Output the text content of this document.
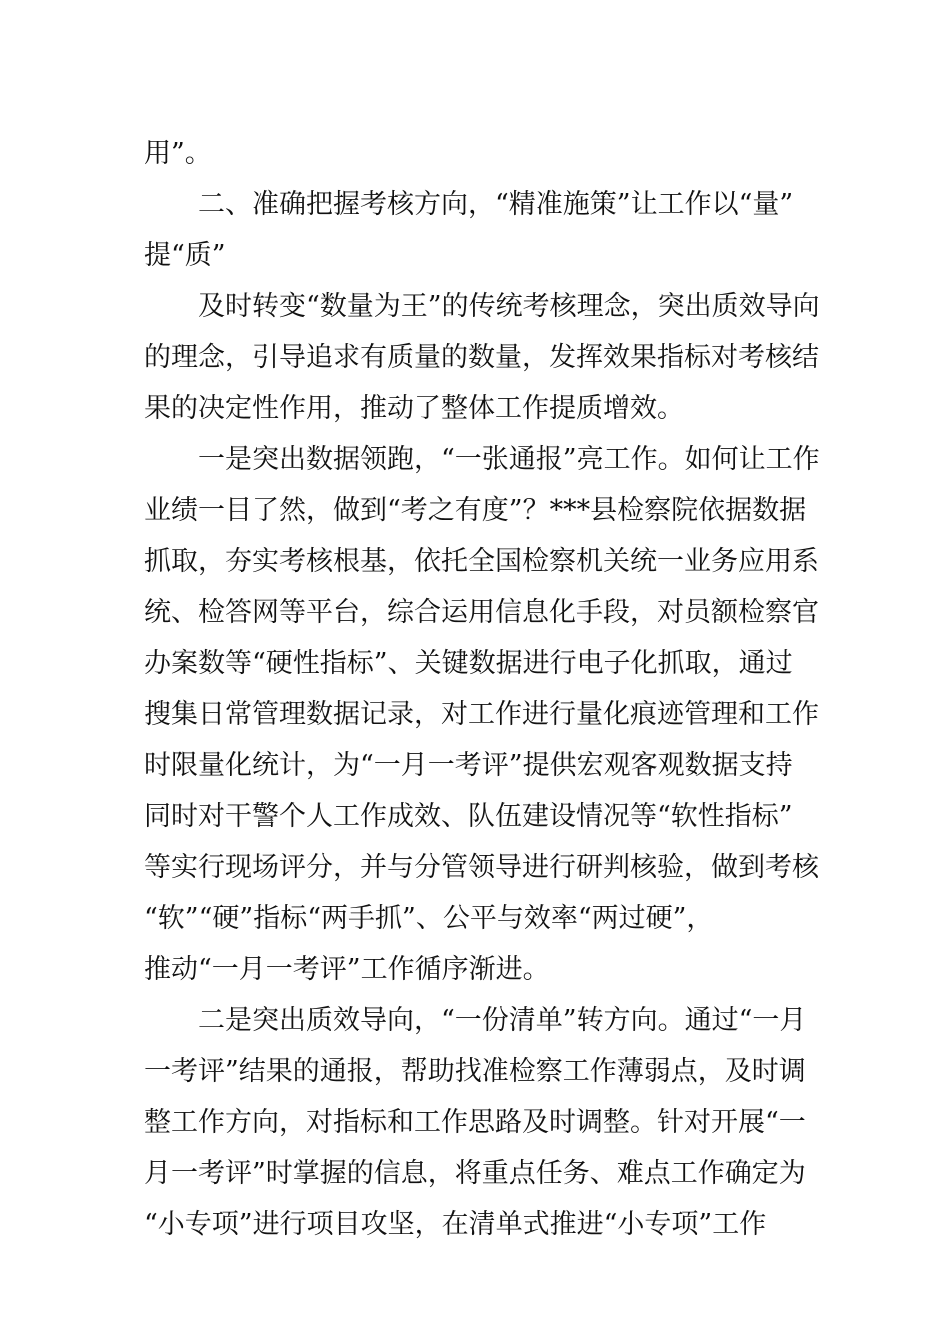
用”。
　　二、准确把握考核方向，“精准施策”让工作以“量”
提“质”
　　及时转变“数量为王”的传统考核理念，突出质效导向
的理念，引导追求有质量的数量，发挥效果指标对考核结
果的决定性作用，推动了整体工作提质增效。
　　一是突出数据领跑，“一张通报”亮工作。如何让工作
业绩一目了然，做到“考之有度”？***县检察院依据数据
抓取，夯实考核根基，依托全国检察机关统一业务应用系
统、检答网等平台，综合运用信息化手段，对员额检察官
办案数等“硬性指标”、关键数据进行电子化抓取，通过
搜集日常管理数据记录，对工作进行量化痕迹管理和工作
时限量化统计，为“一月一考评”提供宏观客观数据支持
同时对干警个人工作成效、队伍建设情况等“软性指标”
等实行现场评分，并与分管领导进行研判核验，做到考核
“软”“硬”指标“两手抓”、公平与效率“两过硬”，
推动“一月一考评”工作循序渐进。
　　二是突出质效导向，“一份清单”转方向。通过“一月
一考评”结果的通报，帮助找准检察工作薄弱点，及时调
整工作方向，对指标和工作思路及时调整。针对开展“一
月一考评”时掌握的信息，将重点任务、难点工作确定为
“小专项”进行项目攻坚，在清单式推进“小专项”工作
